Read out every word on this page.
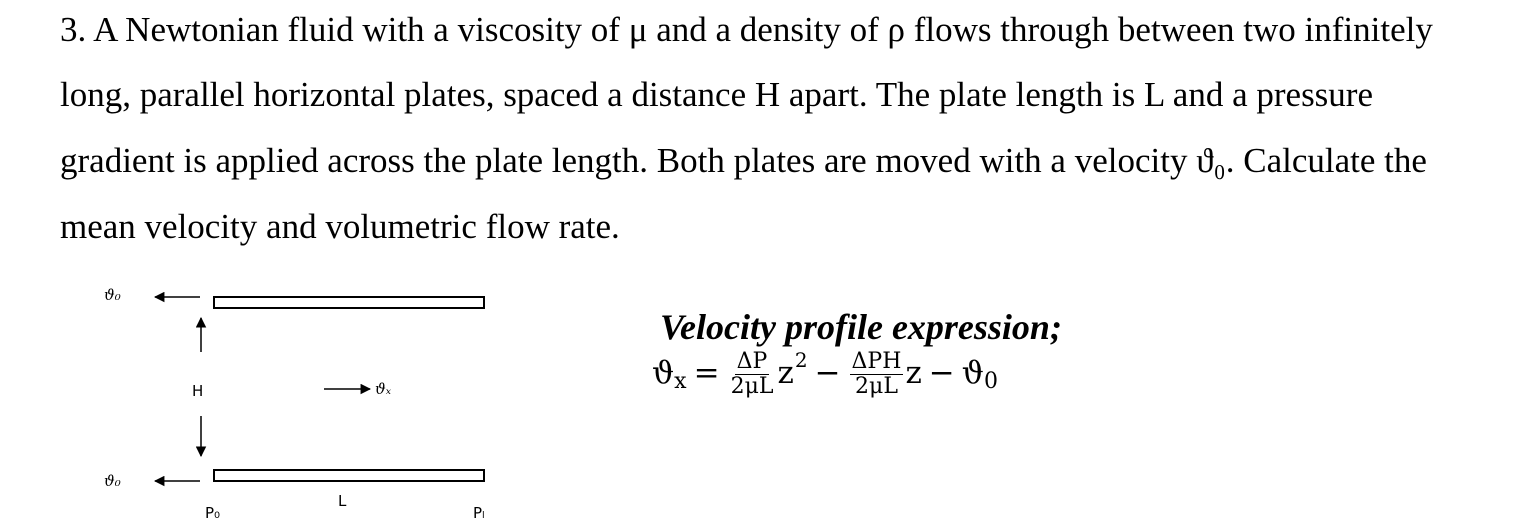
3. A Newtonian fluid with a viscosity of μ and a density of ρ flows through between two infinitely
long, parallel horizontal plates, spaced a distance H apart. The plate length is L and a pressure
gradient is applied across the plate length. Both plates are moved with a velocity ϑ₀. Calculate the
mean velocity and volumetric flow rate.
ϑ₀
ϑ₀
H	ϑₓ
P₀
L
Pₗ
Velocity profile expression;
ϑ $x = \frac{\Delta P}{2\mu L}$ z $2 - \frac{\text{ΔPH}}{2\mu L}$ z − ϑ 0
